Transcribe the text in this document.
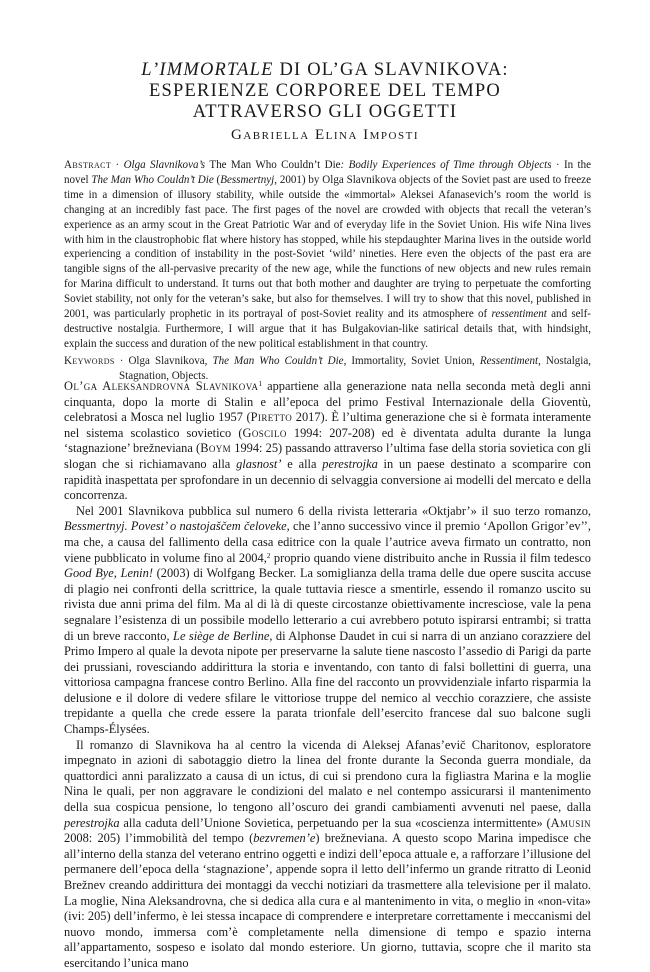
L’IMMORTALE DI OL’GA SLAVNIKOVA:
ESPERIENZE CORPOREE DEL TEMPO
ATTRAVERSO GLI OGGETTI
Gabriella Elina Imposti

Abstract · Olga Slavnikova’s The Man Who Couldn’t Die: Bodily Experiences of Time through Objects · In the novel The Man Who Couldn’t Die (Bessmertnyj, 2001) by Olga Slavnikova objects of the Soviet past are used to freeze time in a dimension of illusory stability, while outside the «immortal» Aleksei Afanasevich’s room the world is changing at an incredibly fast pace. The first pages of the novel are crowded with objects that recall the veteran’s experience as an army scout in the Great Patriotic War and of everyday life in the Soviet Union. His wife Nina lives with him in the claustrophobic flat where history has stopped, while his stepdaughter Marina lives in the outside world experiencing a condition of instability in the post-Soviet ‘wild’ nineties. Here even the objects of the past era are tangible signs of the all-pervasive precarity of the new age, while the functions of new objects and new rules remain for Marina difficult to understand. It turns out that both mother and daughter are trying to perpetuate the comforting Soviet stability, not only for the veteran’s sake, but also for themselves. I will try to show that this novel, published in 2001, was particularly prophetic in its portrayal of post-Soviet reality and its atmosphere of ressentiment and self-destructive nostalgia. Furthermore, I will argue that it has Bulgakovian-like satirical details that, with hindsight, explain the success and duration of the new political establishment in that country.

Keywords · Olga Slavnikova, The Man Who Couldn’t Die, Immortality, Soviet Union, Ressentiment, Nostalgia, Stagnation, Objects.

Ol’ga Aleksandrovna Slavnikova$^1$ appartiene alla generazione nata nella seconda metà degli anni cinquanta, dopo la morte di Stalin e all’epoca del primo Festival Internazionale della Gioventù, celebratosi a Mosca nel luglio 1957 (Piretto 2017). È l’ultima generazione che si è formata interamente nel sistema scolastico sovietico (Goscilo 1994: 207-208) ed è diventata adulta durante la lunga ‘stagnazione’ brežneviana (Boym 1994: 25) passando attraverso l’ultima fase della storia sovietica con gli slogan che si richiamavano alla glasnost’ e alla perestrojka in un paese destinato a scomparire con rapidità inaspettata per sprofondare in un decennio di selvaggia conversione ai modelli del mercato e della concorrenza.

Nel 2001 Slavnikova pubblica sul numero 6 della rivista letteraria «Oktjabr’» il suo terzo romanzo, Bessmertnyj. Povest’ o nastojaščem čeloveke, che l’anno successivo vince il premio ‘Apollon Grigor’ev’’, ma che, a causa del fallimento della casa editrice con la quale l’autrice aveva firmato un contratto, non viene pubblicato in volume fino al 2004,$^2$ proprio quando viene distribuito anche in Russia il film tedesco Good Bye, Lenin! (2003) di Wolfgang Becker. La somiglianza della trama delle due opere suscita accuse di plagio nei confronti della scrittrice, la quale tuttavia riesce a smentirle, essendo il romanzo uscito su rivista due anni prima del film. Ma al di là di queste circostanze obiettivamente increscìose, vale la pena segnalare l’esistenza di un possibile modello letterario a cui avrebbero potuto ispirarsi entrambi; si tratta di un breve racconto, Le siège de Berline, di Alphonse Daudet in cui si narra di un anziano corazziere del Primo Impero al quale la devota nipote per preservarne la salute tiene nascosto l’assedio di Parigi da parte dei prussiani, rovesciando addirittura la storia e inventando, con tanto di falsi bollettini di guerra, una vittoriosa campagna francese contro Berlino. Alla fine del racconto un provvidenziale infarto risparmia la delusione e il dolore di vedere sfilare le vittoriose truppe del nemico al vecchio corazziere, che assiste trepidante a quella che crede essere la parata trionfale dell’esercito francese dal suo balcone sugli Champs-Élysées.

Il romanzo di Slavnikova ha al centro la vicenda di Aleksej Afanas’evič Charitonov, esploratore impegnato in azioni di sabotaggio dietro la linea del fronte durante la Seconda guerra mondiale, da quattordici anni paralizzato a causa di un ictus, di cui si prendono cura la figliastra Marina e la moglie Nina le quali, per non aggravare le condizioni del malato e nel contempo assicurarsi il mantenimento della sua cospicua pensione, lo tengono all’oscuro dei grandi cambiamenti avvenuti nel paese, dalla perestrojka alla caduta dell’Unione Sovietica, perpetuando per la sua «coscienza intermittente» (Amusin 2008: 205) l’immobilità del tempo (bezvremen’e) brežneviana. A questo scopo Marina impedisce che all’interno della stanza del veterano entrino oggetti e indizi dell’epoca attuale e, a rafforzare l’illusione del permanere dell’epoca della ‘stagnazione’, appende sopra il letto dell’infermo un grande ritratto di Leonid Brežnev creando addirittura dei montaggi da vecchi notiziari da trasmettere alla televisione per il malato. La moglie, Nina Aleksandrovna, che si dedica alla cura e al mantenimento in vita, o meglio in «non-vita» (ivi: 205) dell’infermo, è lei stessa incapace di comprendere e interpretare correttamente i meccanismi del nuovo mondo, immersa com’è completamente nella dimensione di tempo e spazio interna all’appartamento, sospeso e isolato dal mondo esteriore. Un giorno, tuttavia, scopre che il marito sta esercitando l’unica mano
